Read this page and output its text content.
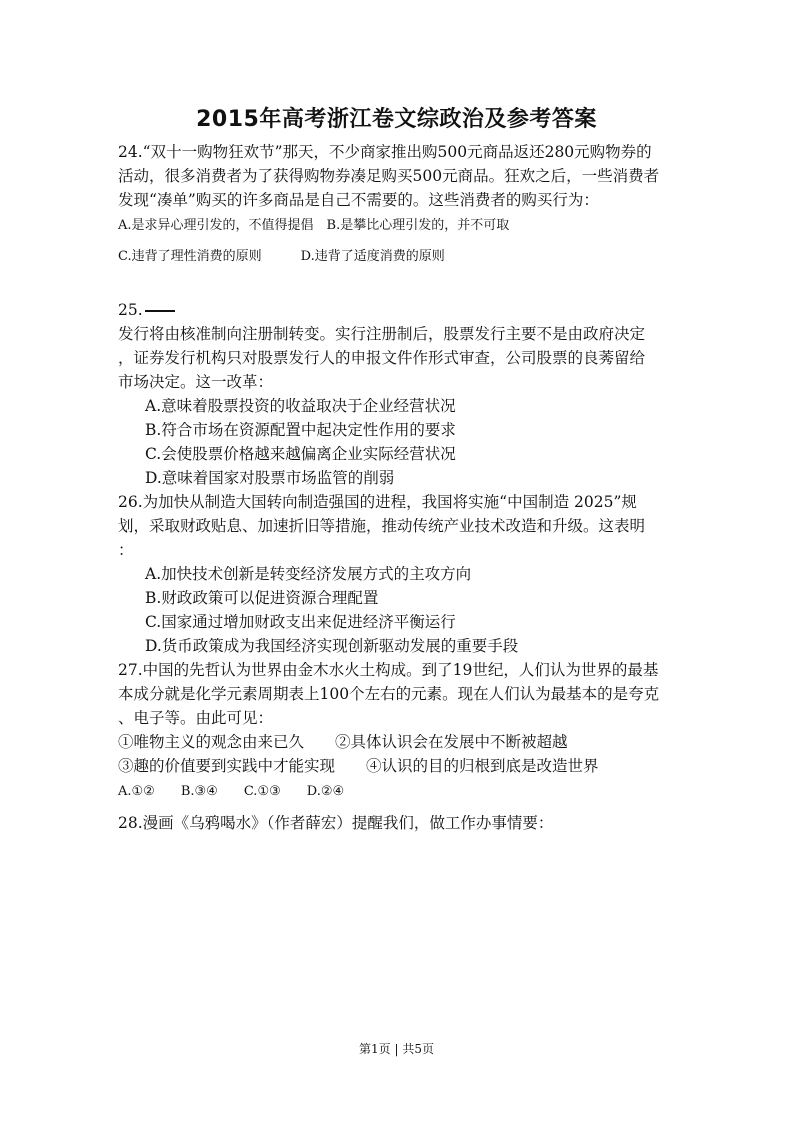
2015年高考浙江卷文综政治及参考答案
24.“双十一购物狂欢节”那天，不少商家推出购500元商品返还280元购物券的
活动，很多消费者为了获得购物券凑足购买500元商品。狂欢之后，一些消费者
发现“凑单”购买的许多商品是自己不需要的。这些消费者的购买行为：
A.是求异心理引发的，不值得提倡　B.是攀比心理引发的，并不可取
C.违背了理性消费的原则　　　D.违背了适度消费的原则
25.
发行将由核准制向注册制转变。实行注册制后，股票发行主要不是由政府决定
，证券发行机构只对股票发行人的申报文件作形式审查，公司股票的良莠留给
市场决定。这一改革：
A.意味着股票投资的收益取决于企业经营状况
B.符合市场在资源配置中起决定性作用的要求
C.会使股票价格越来越偏离企业实际经营状况
D.意味着国家对股票市场监管的削弱
26.为加快从制造大国转向制造强国的进程，我国将实施“中国制造 2025”规
划，采取财政贴息、加速折旧等措施，推动传统产业技术改造和升级。这表明
：
A.加快技术创新是转变经济发展方式的主攻方向
B.财政政策可以促进资源合理配置
C.国家通过增加财政支出来促进经济平衡运行
D.货币政策成为我国经济实现创新驱动发展的重要手段
27.中国的先哲认为世界由金木水火土构成。到了19世纪，人们认为世界的最基
本成分就是化学元素周期表上100个左右的元素。现在人们认为最基本的是夸克
、电子等。由此可见：
①唯物主义的观念由来已久　　②具体认识会在发展中不断被超越
③趣的价值要到实践中才能实现　　④认识的目的归根到底是改造世界
A.①②　　B.③④　　C.①③　　D.②④
28.漫画《乌鸦喝水》（作者薛宏）提醒我们，做工作办事情要：
第1页 | 共5页
